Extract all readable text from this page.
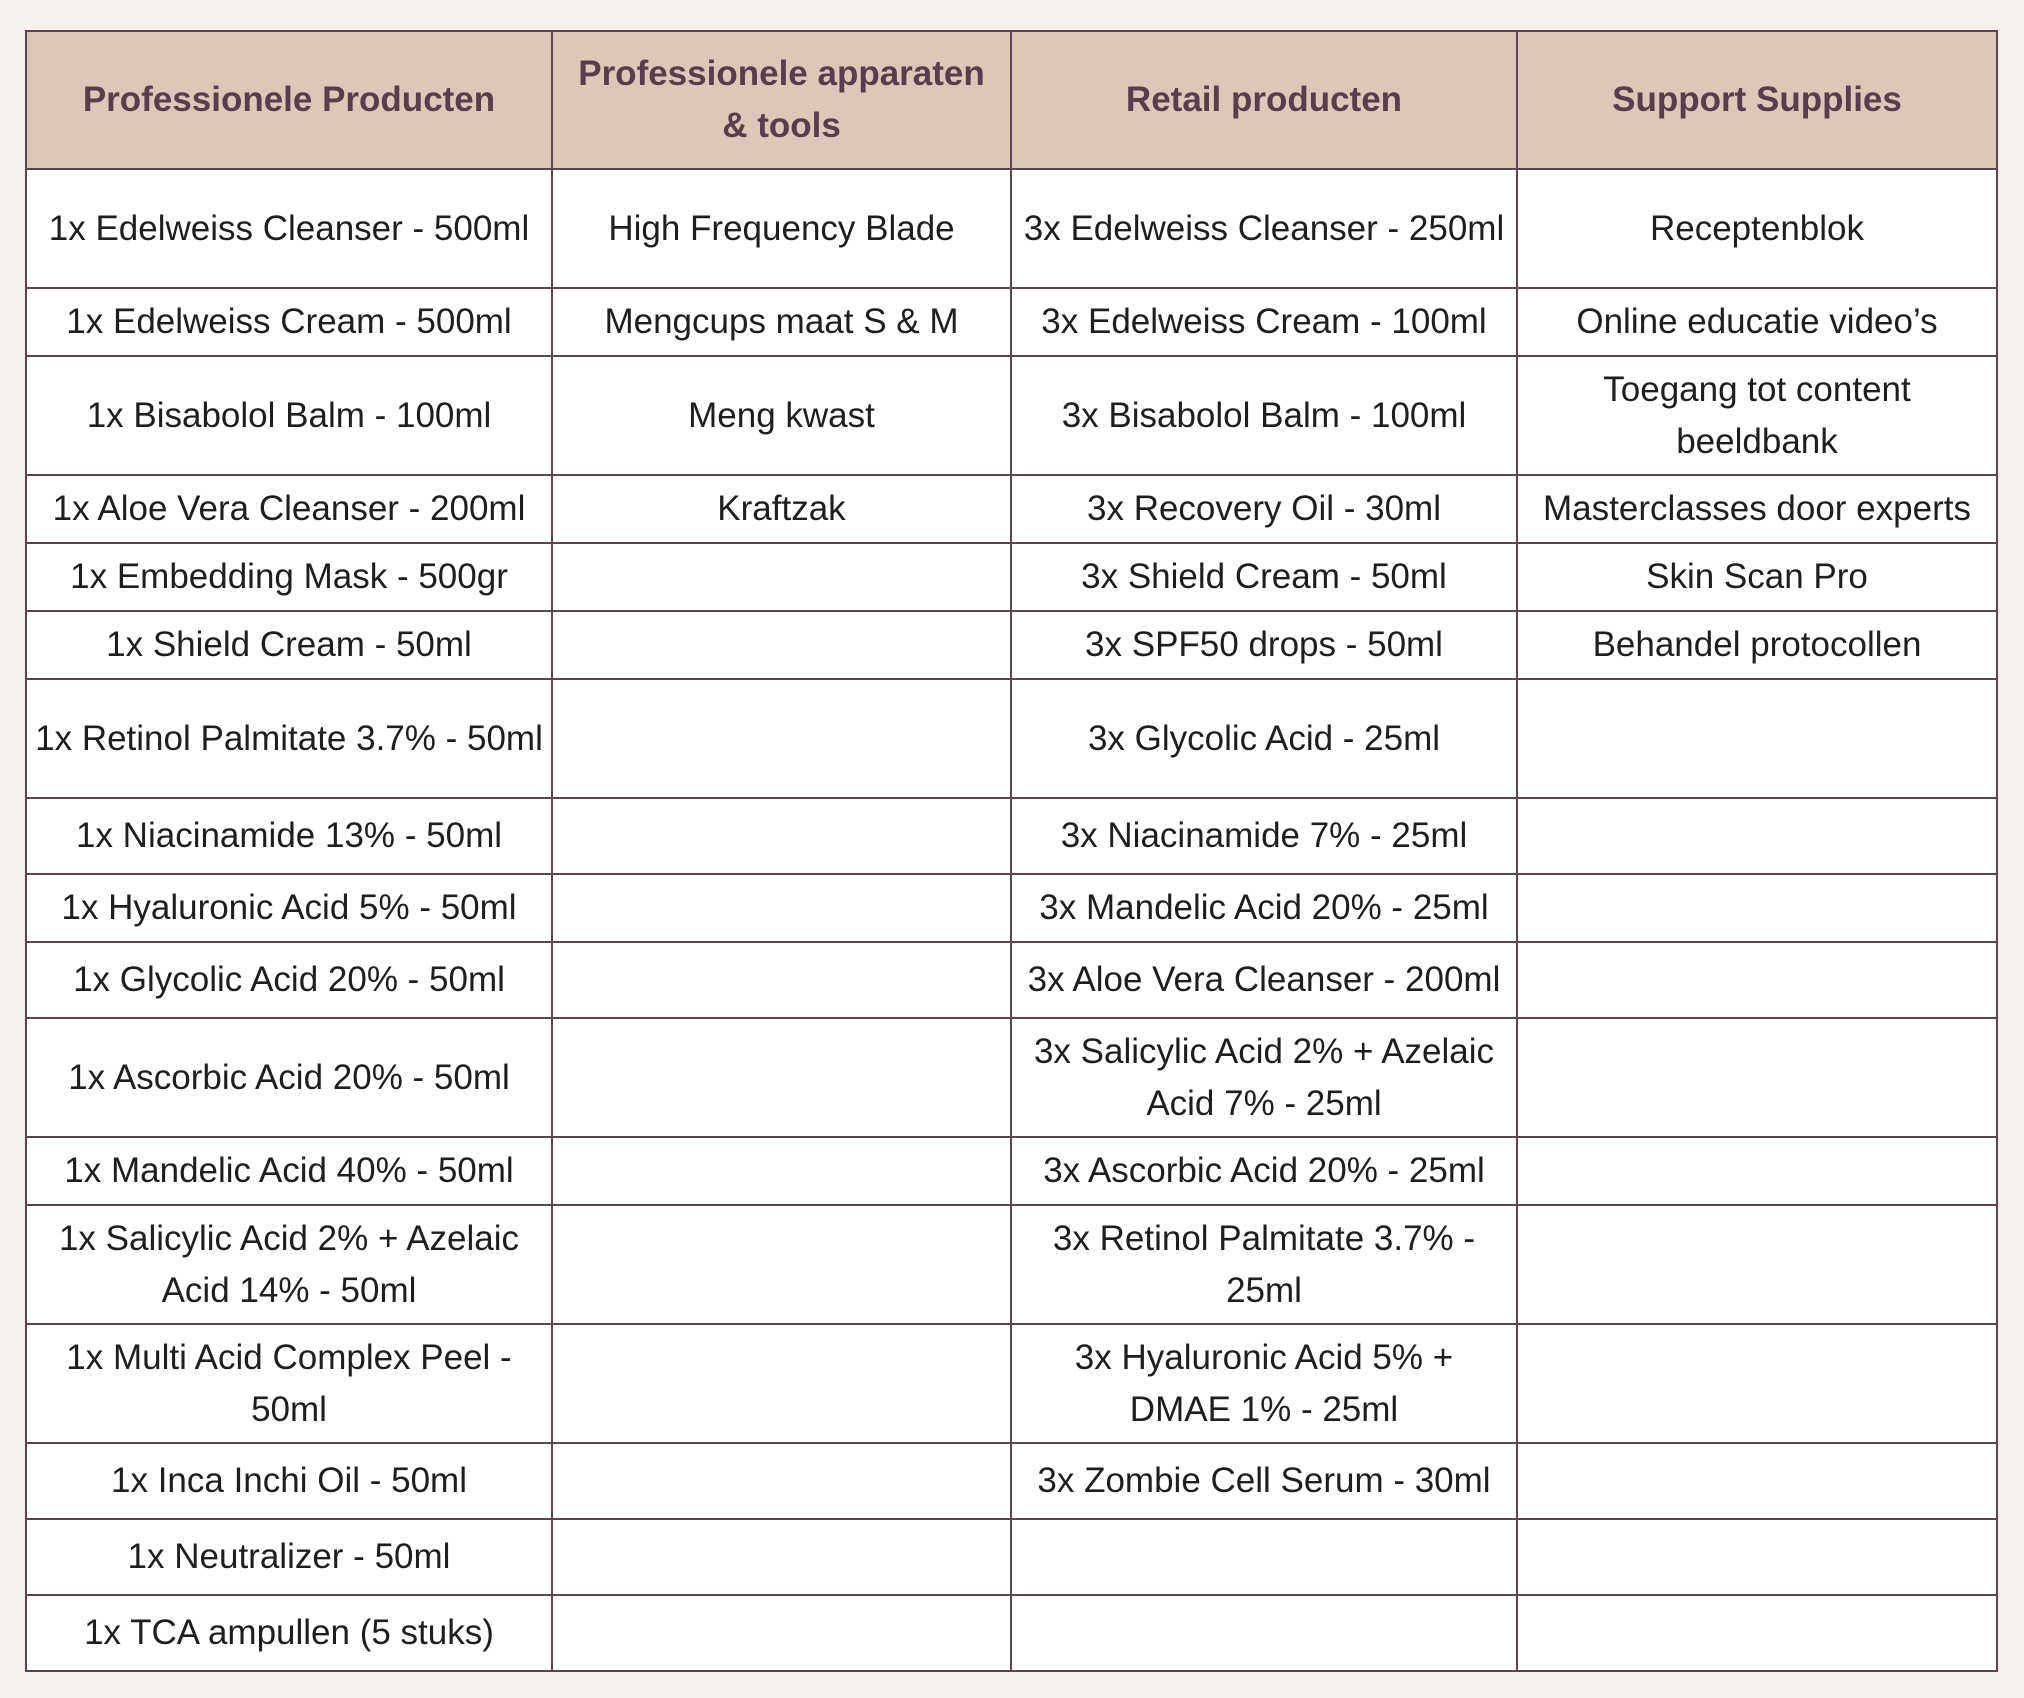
Professionele Producten	Professionele apparaten & tools	Retail producten	Support Supplies
1x Edelweiss Cleanser - 500ml	High Frequency Blade	3x Edelweiss Cleanser - 250ml	Receptenblok
1x Edelweiss Cream - 500ml	Mengcups maat S & M	3x Edelweiss Cream - 100ml	Online educatie video’s
1x Bisabolol Balm - 100ml	Meng kwast	3x Bisabolol Balm - 100ml	Toegang tot content beeldbank
1x Aloe Vera Cleanser - 200ml	Kraftzak	3x Recovery Oil - 30ml	Masterclasses door experts
1x Embedding Mask - 500gr		3x Shield Cream - 50ml	Skin Scan Pro
1x Shield Cream - 50ml		3x SPF50 drops - 50ml	Behandel protocollen
1x Retinol Palmitate 3.7% - 50ml		3x Glycolic Acid - 25ml	
1x Niacinamide 13% - 50ml		3x Niacinamide 7% - 25ml	
1x Hyaluronic Acid 5% - 50ml		3x Mandelic Acid 20% - 25ml	
1x Glycolic Acid 20% - 50ml		3x Aloe Vera Cleanser - 200ml	
1x Ascorbic Acid 20% - 50ml		3x Salicylic Acid 2% + Azelaic Acid 7% - 25ml	
1x Mandelic Acid 40% - 50ml		3x Ascorbic Acid 20% - 25ml	
1x Salicylic Acid 2% + Azelaic Acid 14% - 50ml		3x Retinol Palmitate 3.7% - 25ml	
1x Multi Acid Complex Peel - 50ml		3x Hyaluronic Acid 5% + DMAE 1% - 25ml	
1x Inca Inchi Oil - 50ml		3x Zombie Cell Serum - 30ml	
1x Neutralizer - 50ml			
1x TCA ampullen (5 stuks)			
